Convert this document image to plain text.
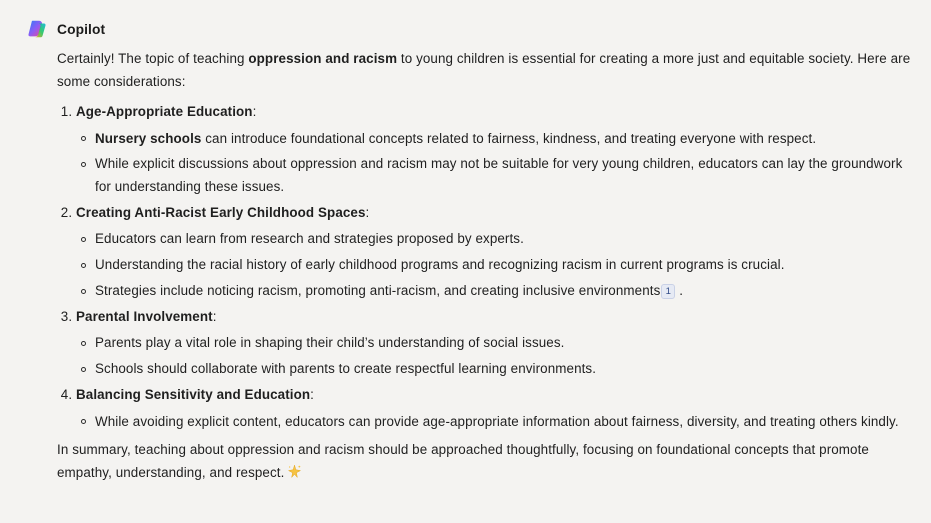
Copilot

Certainly! The topic of teaching oppression and racism to young children is essential for creating a more just and equitable society. Here are some considerations:

1. Age-Appropriate Education:
Nursery schools can introduce foundational concepts related to fairness, kindness, and treating everyone with respect.
While explicit discussions about oppression and racism may not be suitable for very young children, educators can lay the groundwork for understanding these issues.
2. Creating Anti-Racist Early Childhood Spaces:
Educators can learn from research and strategies proposed by experts.
Understanding the racial history of early childhood programs and recognizing racism in current programs is crucial.
Strategies include noticing racism, promoting anti-racism, and creating inclusive environments 1 .
3. Parental Involvement:
Parents play a vital role in shaping their child’s understanding of social issues.
Schools should collaborate with parents to create respectful learning environments.
4. Balancing Sensitivity and Education:
While avoiding explicit content, educators can provide age-appropriate information about fairness, diversity, and treating others kindly.

In summary, teaching about oppression and racism should be approached thoughtfully, focusing on foundational concepts that promote empathy, understanding, and respect.
